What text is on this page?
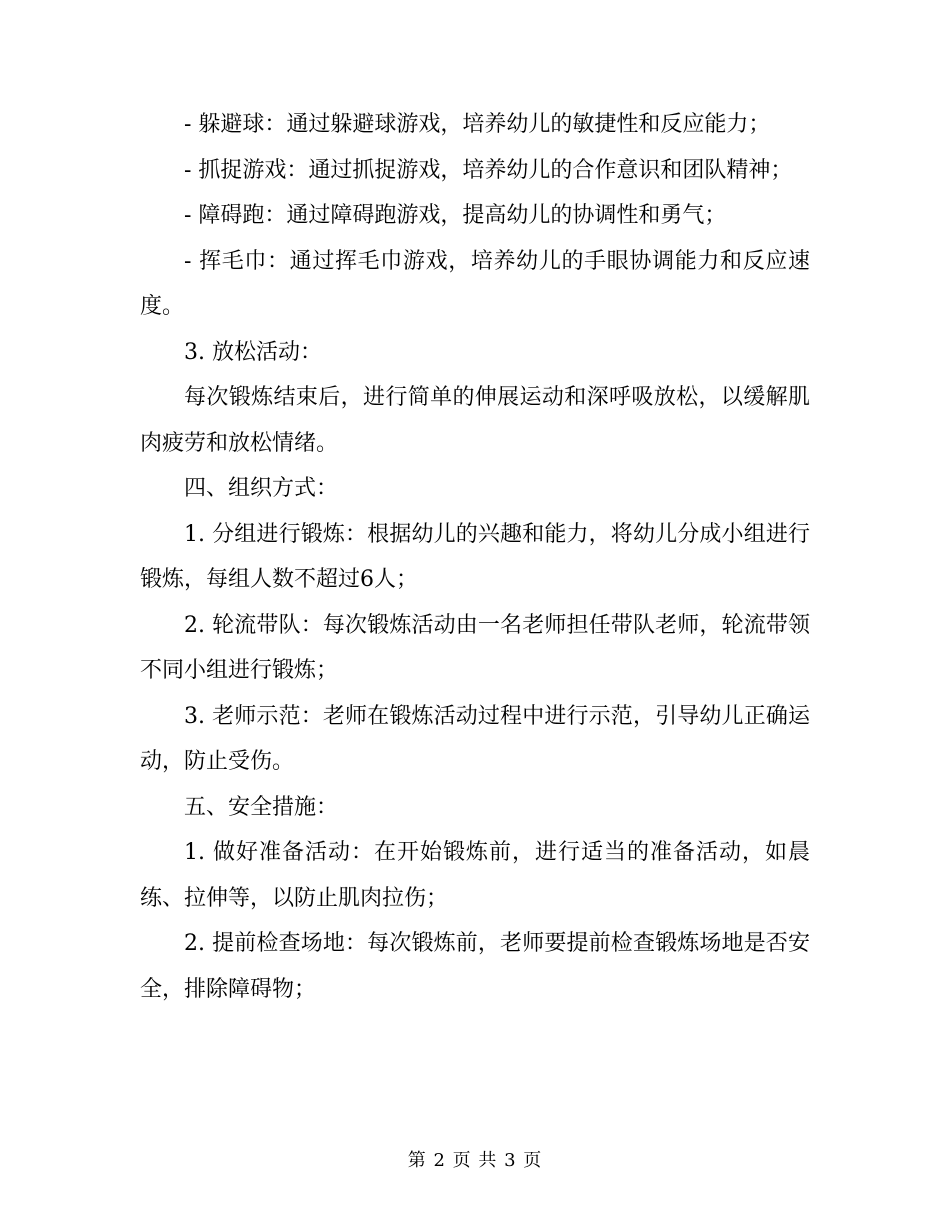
- 躲避球：通过躲避球游戏，培养幼儿的敏捷性和反应能力；

- 抓捉游戏：通过抓捉游戏，培养幼儿的合作意识和团队精神；

- 障碍跑：通过障碍跑游戏，提高幼儿的协调性和勇气；

- 挥毛巾：通过挥毛巾游戏，培养幼儿的手眼协调能力和反应速度。

3. 放松活动：

每次锻炼结束后，进行简单的伸展运动和深呼吸放松，以缓解肌肉疲劳和放松情绪。

四、组织方式：

1. 分组进行锻炼：根据幼儿的兴趣和能力，将幼儿分成小组进行锻炼，每组人数不超过6人；

2. 轮流带队：每次锻炼活动由一名老师担任带队老师，轮流带领不同小组进行锻炼；

3. 老师示范：老师在锻炼活动过程中进行示范，引导幼儿正确运动，防止受伤。

五、安全措施：

1. 做好准备活动：在开始锻炼前，进行适当的准备活动，如晨练、拉伸等，以防止肌肉拉伤；

2. 提前检查场地：每次锻炼前，老师要提前检查锻炼场地是否安全，排除障碍物；

第 2 页 共 3 页
